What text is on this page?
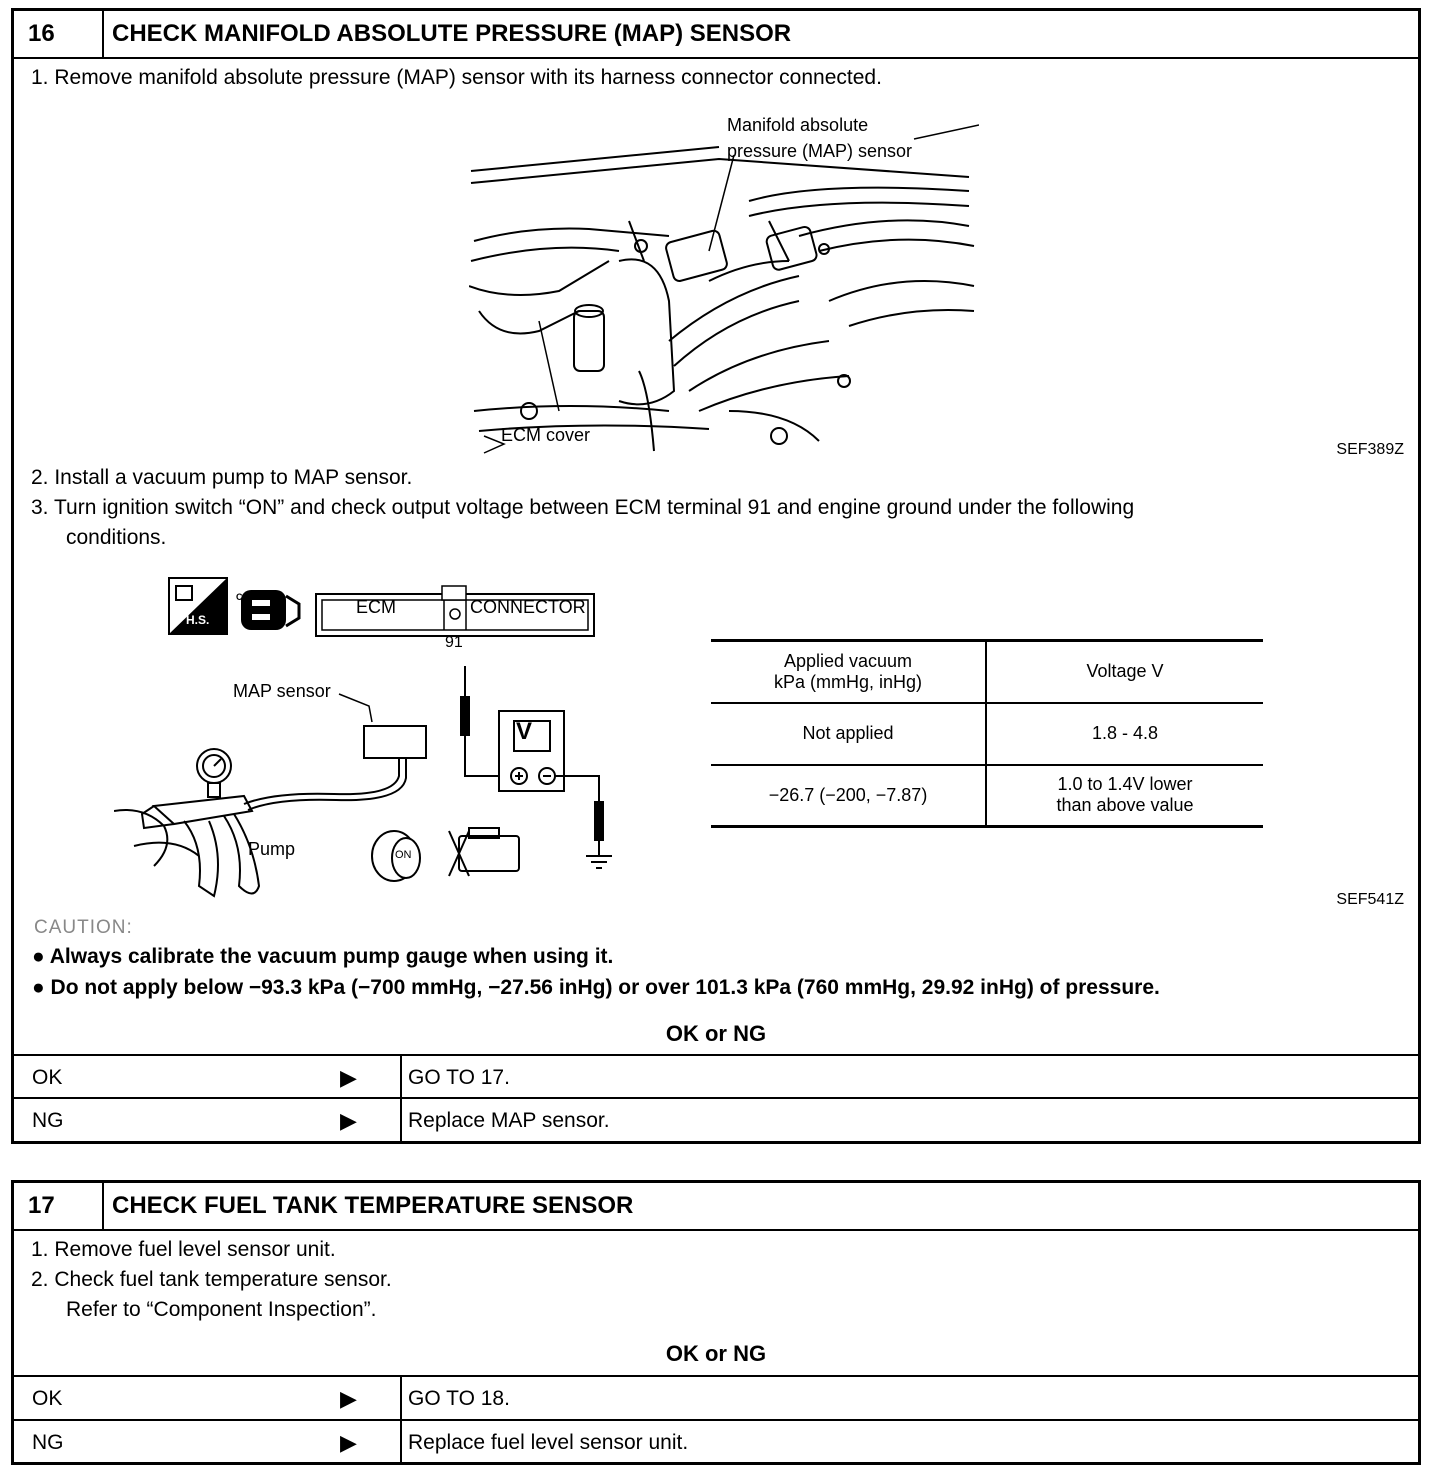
16	CHECK MANIFOLD ABSOLUTE PRESSURE (MAP) SENSOR
1. Remove manifold absolute pressure (MAP) sensor with its harness connector connected.
Manifold absolute
pressure (MAP) sensor
ECM cover
SEF389Z
2. Install a vacuum pump to MAP sensor.
3. Turn ignition switch “ON” and check output voltage between ECM terminal 91 and engine ground under the following
conditions.
CONNECT
H.S.
ECM	CONNECTOR
91
MAP sensor
Pump
V
ON
Applied vacuum
kPa (mmHg, inHg)	Voltage V
Not applied	1.8 - 4.8

−26.7 (−200, −7.87)	1.0 to 1.4V lower
than above value
SEF541Z
CAUTION:
● Always calibrate the vacuum pump gauge when using it.
● Do not apply below −93.3 kPa (−700 mmHg, −27.56 inHg) or over 101.3 kPa (760 mmHg, 29.92 inHg) of pressure.
OK or NG
OK	▶	GO TO 17.
NG	▶	Replace MAP sensor.
17	CHECK FUEL TANK TEMPERATURE SENSOR
1. Remove fuel level sensor unit.
2. Check fuel tank temperature sensor.
Refer to “Component Inspection”.
OK or NG
OK	▶	GO TO 18.
NG	▶	Replace fuel level sensor unit.
